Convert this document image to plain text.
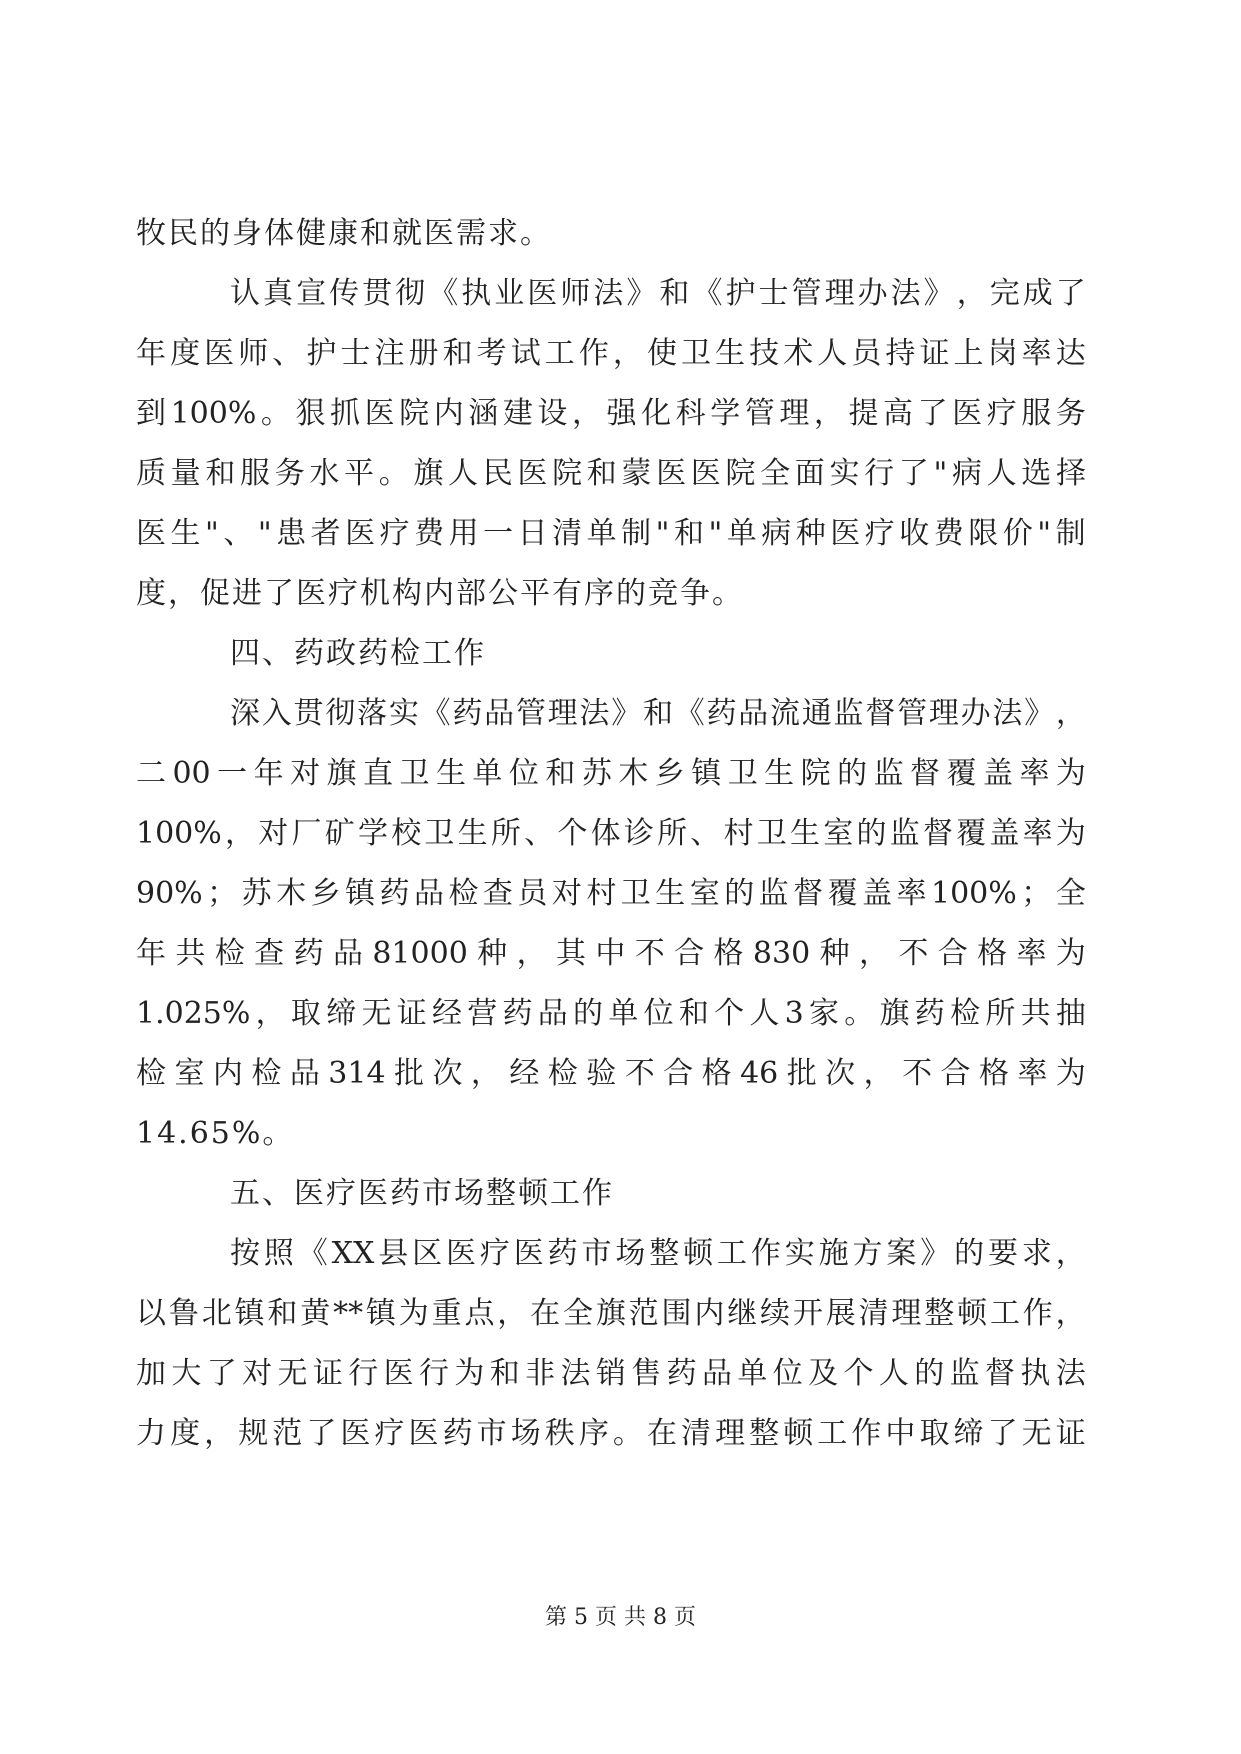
牧民的身体健康和就医需求。
认 真 宣 传 贯 彻 《 执 业 医 师 法 》 和 《 护 士 管 理 办 法 》 ， 完 成 了
年 度 医 师 、 护 士 注 册 和 考 试 工 作 ， 使 卫 生 技 术 人 员 持 证 上 岗 率 达
到 100% 。 狠 抓 医 院 内 涵 建 设 ， 强 化 科 学 管 理 ， 提 高 了 医 疗 服 务
质 量 和 服 务 水 平 。 旗 人 民 医 院 和 蒙 医 医 院 全 面 实 行 了 " 病 人 选 择
医 生 " 、 " 患 者 医 疗 费 用 一 日 清 单 制 " 和 " 单 病 种 医 疗 收 费 限 价 " 制
度，促进了医疗机构内部公平有序的竞争。
四、药政药检工作
深 入 贯 彻 落 实 《 药 品 管 理 法 》 和 《 药 品 流 通 监 督 管 理 办 法 》 ，
二 00 一 年 对 旗 直 卫 生 单 位 和 苏 木 乡 镇 卫 生 院 的 监 督 覆 盖 率 为
100% ， 对 厂 矿 学 校 卫 生 所 、 个 体 诊 所 、 村 卫 生 室 的 监 督 覆 盖 率 为
90% ； 苏 木 乡 镇 药 品 检 查 员 对 村 卫 生 室 的 监 督 覆 盖 率 100% ； 全
年 共 检 查 药 品 81000 种 ， 其 中 不 合 格 830 种 ， 不 合 格 率 为
1.025% ， 取 缔 无 证 经 营 药 品 的 单 位 和 个 人 3 家 。 旗 药 检 所 共 抽
检 室 内 检 品 314 批 次 ， 经 检 验 不 合 格 46 批 次 ， 不 合 格 率 为
14.65%。
五、医疗医药市场整顿工作
按 照 《 XX 县 区 医 疗 医 药 市 场 整 顿 工 作 实 施 方 案 》 的 要 求 ，
以 鲁 北 镇 和 黄 ** 镇 为 重 点 ， 在 全 旗 范 围 内 继 续 开 展 清 理 整 顿 工 作 ，
加 大 了 对 无 证 行 医 行 为 和 非 法 销 售 药 品 单 位 及 个 人 的 监 督 执 法
力 度 ， 规 范 了 医 疗 医 药 市 场 秩 序 。 在 清 理 整 顿 工 作 中 取 缔 了 无 证
第 5 页 共 8 页
